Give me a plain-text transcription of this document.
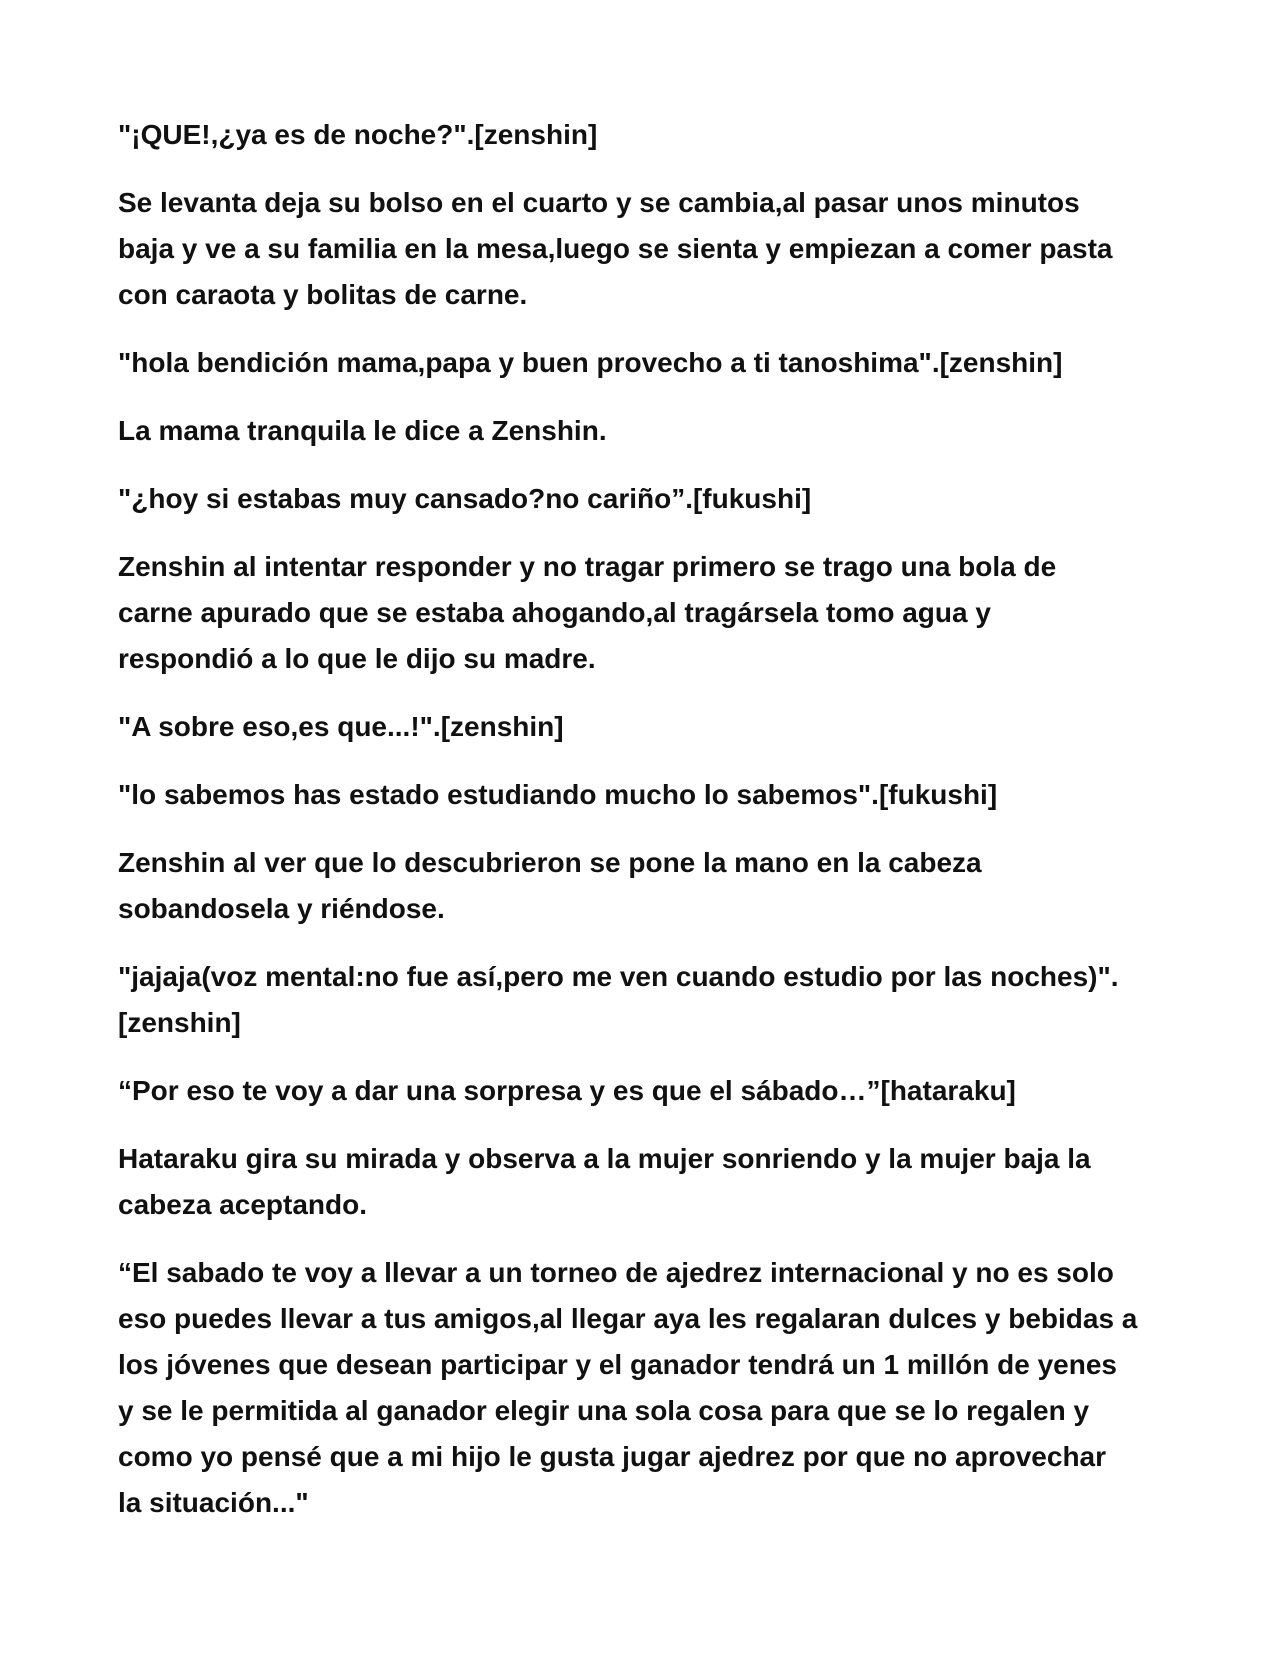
"¡QUE!,¿ya es de noche?".[zenshin]

Se levanta deja su bolso en el cuarto y se cambia,al pasar unos minutos
baja y ve a su familia en la mesa,luego se sienta y empiezan a comer pasta
con caraota y bolitas de carne.

"hola bendición mama,papa y buen provecho a ti tanoshima".[zenshin]

La mama tranquila le dice a Zenshin.

"¿hoy si estabas muy cansado?no cariño”.[fukushi]

Zenshin al intentar responder y no tragar primero se trago una bola de
carne apurado que se estaba ahogando,al tragársela tomo agua y
respondió a lo que le dijo su madre.

"A sobre eso,es que...!".[zenshin]

"lo sabemos has estado estudiando mucho lo sabemos".[fukushi]

Zenshin al ver que lo descubrieron se pone la mano en la cabeza
sobandosela y riéndose.

"jajaja(voz mental:no fue así,pero me ven cuando estudio por las noches)".
[zenshin]

“Por eso te voy a dar una sorpresa y es que el sábado…”[hataraku]

Hataraku gira su mirada y observa a la mujer sonriendo y la mujer baja la
cabeza aceptando.

“El sabado te voy a llevar a un torneo de ajedrez internacional y no es solo
eso puedes llevar a tus amigos,al llegar aya les regalaran dulces y bebidas a
los jóvenes que desean participar y el ganador tendrá un 1 millón de yenes
y se le permitida al ganador elegir una sola cosa para que se lo regalen y
como yo pensé que a mi hijo le gusta jugar ajedrez por que no aprovechar
la situación..."
